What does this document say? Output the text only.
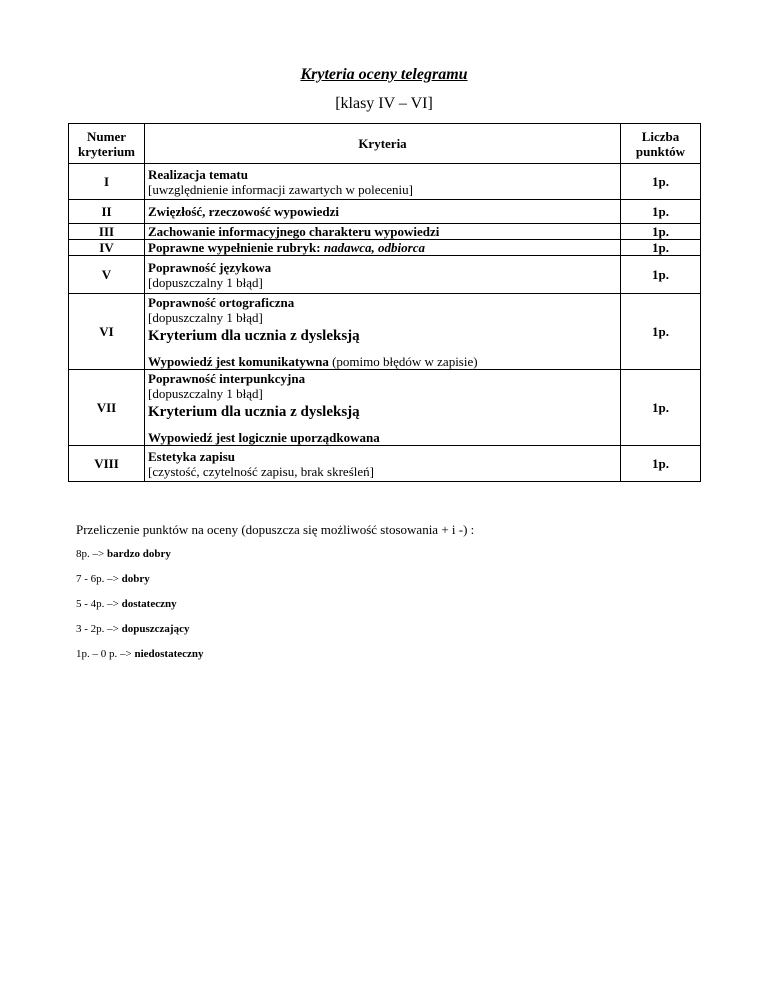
Kryteria oceny telegramu
[klasy IV – VI]
Numer kryterium	Kryteria	Liczba punktów
I	Realizacja tematu
[uwzględnienie informacji zawartych w poleceniu]	1p.
II	Zwięzłość, rzeczowość wypowiedzi	1p.
III	Zachowanie informacyjnego charakteru wypowiedzi	1p.
IV	Poprawne wypełnienie rubryk: nadawca, odbiorca	1p.
V	Poprawność językowa
[dopuszczalny 1 błąd]	1p.
VI	Poprawność ortograficzna
[dopuszczalny 1 błąd]
Kryterium dla ucznia z dysleksją
Wypowiedź jest komunikatywna (pomimo błędów w zapisie)	1p.
VII	Poprawność interpunkcyjna
[dopuszczalny 1 błąd]
Kryterium dla ucznia z dysleksją
Wypowiedź jest logicznie uporządkowana	1p.
VIII	Estetyka zapisu
[czystość, czytelność zapisu, brak skreśleń]	1p.
Przeliczenie punktów na oceny (dopuszcza się możliwość stosowania + i -) :
8p. –> bardzo dobry
7 - 6p. –> dobry
5 - 4p. –> dostateczny
3 - 2p. –> dopuszczający
1p. – 0 p. –> niedostateczny
